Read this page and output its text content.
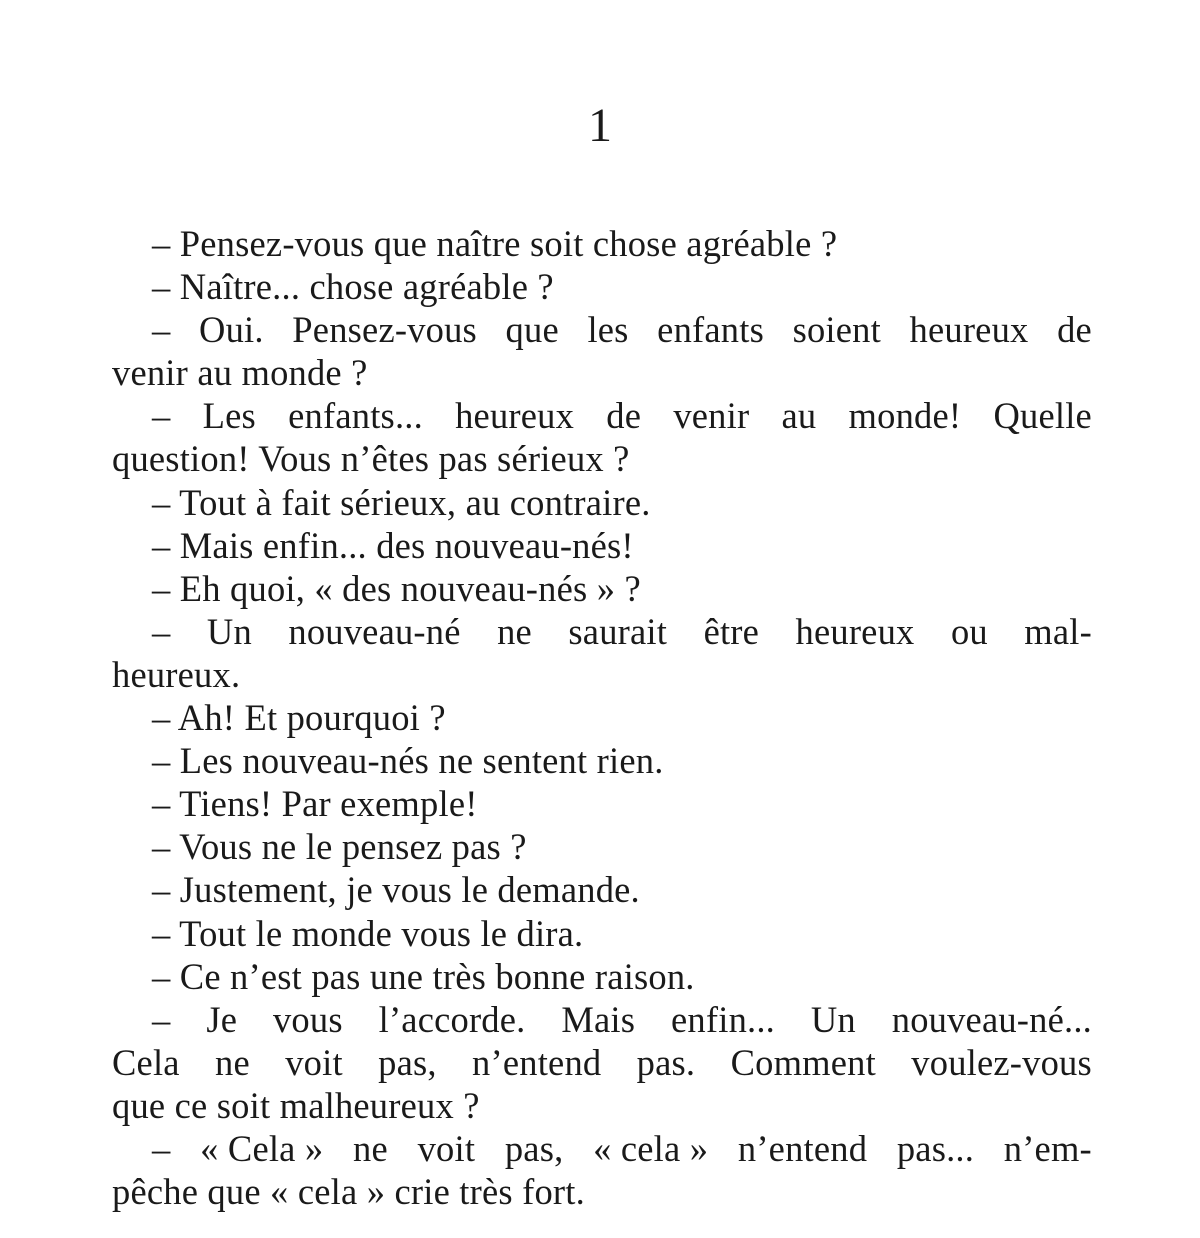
1
– Pensez-vous que naître soit chose agréable ?
– Naître... chose agréable ?
– Oui. Pensez-vous que les enfants soient heureux de
venir au monde ?
– Les enfants... heureux de venir au monde! Quelle
question! Vous n’êtes pas sérieux ?
– Tout à fait sérieux, au contraire.
– Mais enfin... des nouveau-nés!
– Eh quoi, « des nouveau-nés » ?
– Un nouveau-né ne saurait être heureux ou mal-
heureux.
– Ah! Et pourquoi ?
– Les nouveau-nés ne sentent rien.
– Tiens! Par exemple!
– Vous ne le pensez pas ?
– Justement, je vous le demande.
– Tout le monde vous le dira.
– Ce n’est pas une très bonne raison.
– Je vous l’accorde. Mais enfin... Un nouveau-né...
Cela ne voit pas, n’entend pas. Comment voulez-vous
que ce soit malheureux ?
– « Cela » ne voit pas, « cela » n’entend pas... n’em-
pêche que « cela » crie très fort.
